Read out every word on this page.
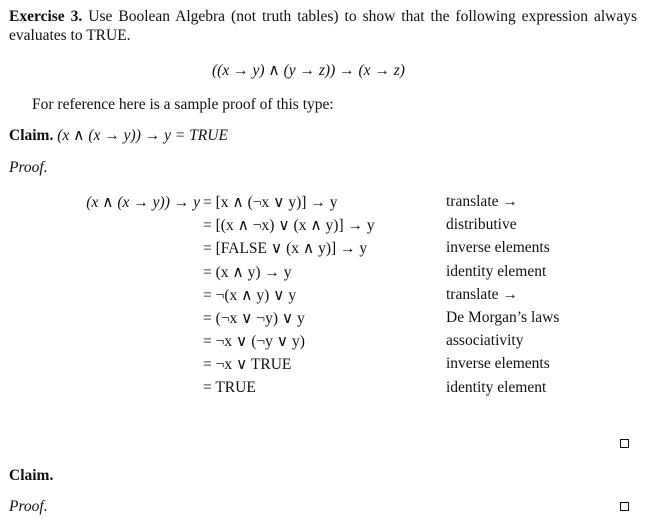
Exercise 3. Use Boolean Algebra (not truth tables) to show that the following expression always evaluates to TRUE.
((x → y) ∧ (y → z)) → (x → z)
For reference here is a sample proof of this type:
Claim. (x ∧ (x → y)) → y = TRUE
Proof.
(x ∧ (x → y)) → y = [x ∧ (¬x ∨ y)] → y	translate →
= [(x ∧ ¬x) ∨ (x ∧ y)] → y	distributive
= [FALSE ∨ (x ∧ y)] → y	inverse elements
= (x ∧ y) → y	identity element
= ¬(x ∧ y) ∨ y	translate →
= (¬x ∨ ¬y) ∨ y	De Morgan’s laws
= ¬x ∨ (¬y ∨ y)	associativity
= ¬x ∨ TRUE	inverse elements
= TRUE	identity element
Claim.
Proof.
